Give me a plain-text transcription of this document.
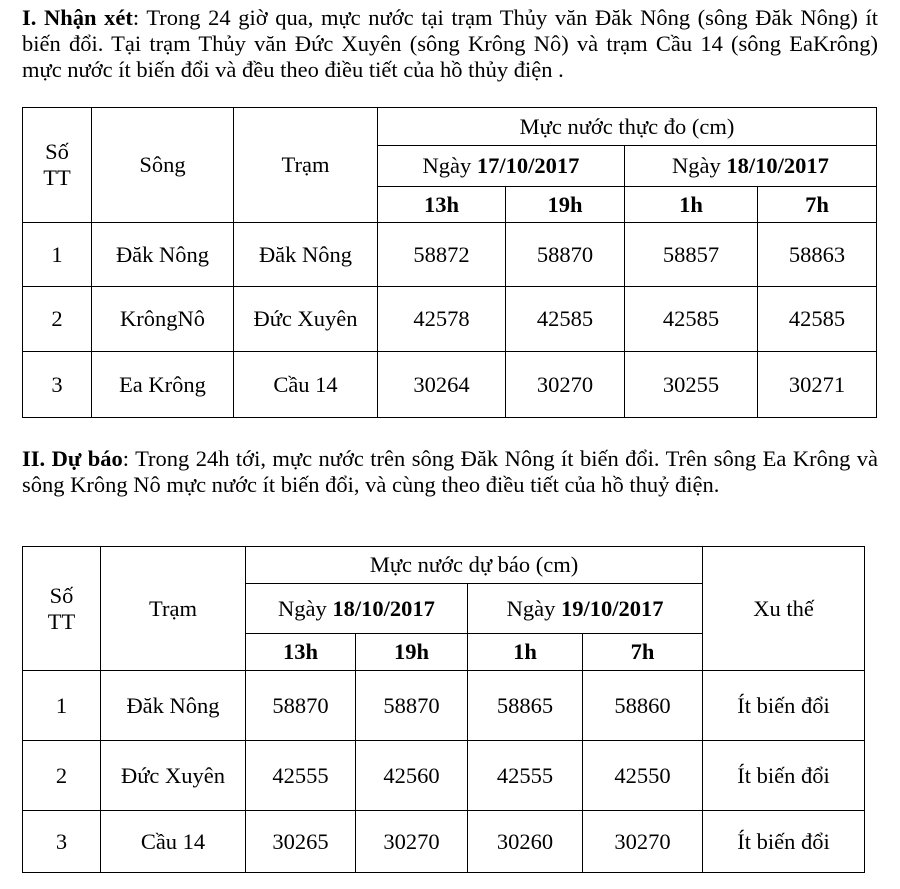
I. Nhận xét: Trong 24 giờ qua, mực nước tại trạm Thủy văn Đăk Nông (sông Đăk Nông) ít biến đổi. Tại trạm Thủy văn Đức Xuyên (sông Krông Nô) và trạm Cầu 14 (sông EaKrông) mực nước ít biến đổi và đều theo điều tiết của hồ thủy điện .

Số TT	Sông	Trạm	Mực nước thực đo (cm)			
			Ngày 17/10/2017		Ngày 18/10/2017	
			13h	19h	1h	7h
1	Đăk Nông	Đăk Nông	58872	58870	58857	58863
2	KrôngNô	Đức Xuyên	42578	42585	42585	42585
3	Ea Krông	Cầu 14	30264	30270	30255	30271

II. Dự báo: Trong 24h tới, mực nước trên sông Đăk Nông ít biến đổi. Trên sông Ea Krông và sông Krông Nô mực nước ít biến đổi, và cùng theo điều tiết của hồ thuỷ điện.

Số TT	Trạm	Mực nước dự báo (cm)				Xu thế
		Ngày 18/10/2017		Ngày 19/10/2017		
		13h	19h	1h	7h	
1	Đăk Nông	58870	58870	58865	58860	Ít biến đổi
2	Đức Xuyên	42555	42560	42555	42550	Ít biến đổi
3	Cầu 14	30265	30270	30260	30270	Ít biến đổi
